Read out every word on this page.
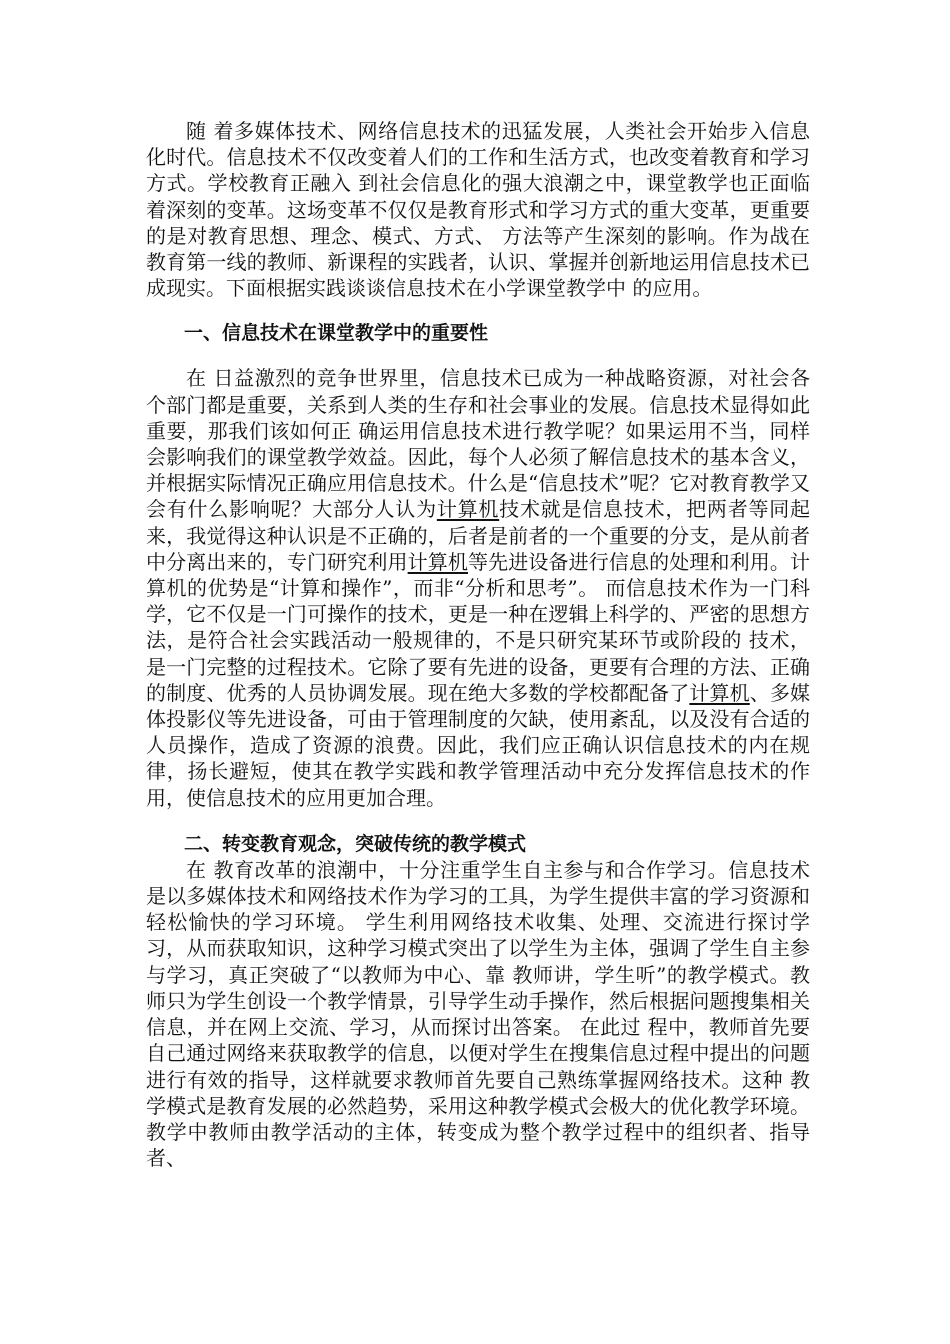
随 着多媒体技术、网络信息技术的迅猛发展，人类社会开始步入信息化时代。信息技术不仅改变着人们的工作和生活方式，也改变着教育和学习方式。学校教育正融入 到社会信息化的强大浪潮之中，课堂教学也正面临着深刻的变革。这场变革不仅仅是教育形式和学习方式的重大变革，更重要的是对教育思想、理念、模式、方式、 方法等产生深刻的影响。作为战在教育第一线的教师、新课程的实践者，认识、掌握并创新地运用信息技术已成现实。下面根据实践谈谈信息技术在小学课堂教学中 的应用。

一、信息技术在课堂教学中的重要性

在 日益激烈的竞争世界里，信息技术已成为一种战略资源，对社会各个部门都是重要，关系到人类的生存和社会事业的发展。信息技术显得如此重要，那我们该如何正 确运用信息技术进行教学呢？如果运用不当，同样会影响我们的课堂教学效益。因此，每个人必须了解信息技术的基本含义，并根据实际情况正确应用信息技术。什么是“信息技术”呢？它对教育教学又会有什么影响呢？大部分人认为计算机技术就是信息技术，把两者等同起来，我觉得这种认识是不正确的，后者是前者的一个重要的分支，是从前者中分离出来的，专门研究利用计算机等先进设备进行信息的处理和利用。计算机的优势是“计算和操作”，而非“分析和思考”。 而信息技术作为一门科学，它不仅是一门可操作的技术，更是一种在逻辑上科学的、严密的思想方法，是符合社会实践活动一般规律的，不是只研究某环节或阶段的 技术，是一门完整的过程技术。它除了要有先进的设备，更要有合理的方法、正确的制度、优秀的人员协调发展。现在绝大多数的学校都配备了计算机、多媒体投影仪等先进设备，可由于管理制度的欠缺，使用紊乱，以及没有合适的人员操作，造成了资源的浪费。因此，我们应正确认识信息技术的内在规律，扬长避短，使其在教学实践和教学管理活动中充分发挥信息技术的作用，使信息技术的应用更加合理。

二、转变教育观念，突破传统的教学模式

在 教育改革的浪潮中，十分注重学生自主参与和合作学习。信息技术是以多媒体技术和网络技术作为学习的工具，为学生提供丰富的学习资源和轻松愉快的学习环境。 学生利用网络技术收集、处理、交流进行探讨学习，从而获取知识，这种学习模式突出了以学生为主体，强调了学生自主参与学习，真正突破了“以教师为中心、靠 教师讲，学生听”的教学模式。教师只为学生创设一个教学情景，引导学生动手操作，然后根据问题搜集相关信息，并在网上交流、学习，从而探讨出答案。 在此过 程中，教师首先要自己通过网络来获取教学的信息，以便对学生在搜集信息过程中提出的问题进行有效的指导，这样就要求教师首先要自己熟练掌握网络技术。这种 教学模式是教育发展的必然趋势，采用这种教学模式会极大的优化教学环境。教学中教师由教学活动的主体，转变成为整个教学过程中的组织者、指导者、
